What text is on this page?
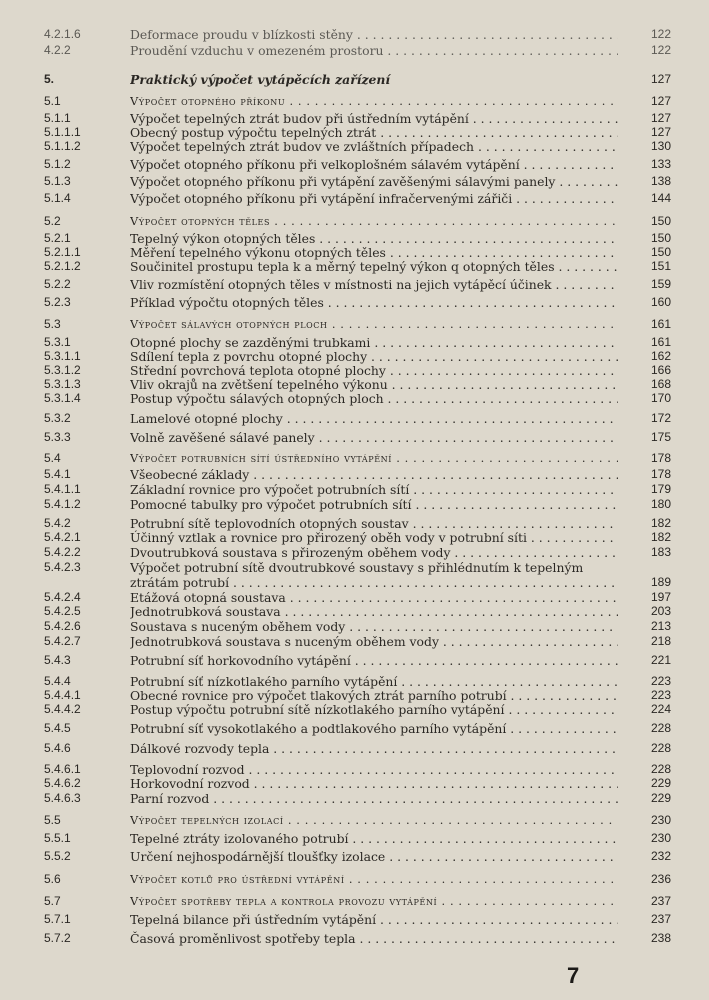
4.2.1.6	Deformace proudu v blízkosti stěny . . .	122
4.2.2	Proudění vzduchu v omezeném prostoru . . .	122
5.	Praktický výpočet vytápěcích zařízení	127
5.1	Výpočet otopného příkonu . . .	127
5.1.1	Výpočet tepelných ztrát budov při ústředním vytápění . . .	127
5.1.1.1	Obecný postup výpočtu tepelných ztrát . . .	127
5.1.1.2	Výpočet tepelných ztrát budov ve zvláštních případech . . .	130
5.1.2	Výpočet otopného příkonu při velkoplošném sálavém vytápění . . .	133
5.1.3	Výpočet otopného příkonu při vytápění zavěšenými sálavými panely . . .	138
5.1.4	Výpočet otopného příkonu při vytápění infračervenými zářiči . . .	144
5.2	Výpočet otopných těles . . .	150
5.2.1	Tepelný výkon otopných těles . . .	150
5.2.1.1	Měření tepelného výkonu otopných těles . . .	150
5.2.1.2	Součinitel prostupu tepla k a měrný tepelný výkon q otopných těles . . .	151
5.2.2	Vliv rozmístění otopných těles v místnosti na jejich vytápěcí účinek . . .	159
5.2.3	Příklad výpočtu otopných těles . . .	160
5.3	Výpočet sálavých otopných ploch . . .	161
5.3.1	Otopné plochy se zazděnými trubkami . . .	161
5.3.1.1	Sdílení tepla z povrchu otopné plochy . . .	162
5.3.1.2	Střední povrchová teplota otopné plochy . . .	166
5.3.1.3	Vliv okrajů na zvětšení tepelného výkonu . . .	168
5.3.1.4	Postup výpočtu sálavých otopných ploch . . .	170
5.3.2	Lamelové otopné plochy . . .	172
5.3.3	Volně zavěšené sálavé panely . . .	175
5.4	Výpočet potrubních sítí ústředního vytápění . . .	178
5.4.1	Všeobecné základy . . .	178
5.4.1.1	Základní rovnice pro výpočet potrubních sítí . . .	179
5.4.1.2	Pomocné tabulky pro výpočet potrubních sítí . . .	180
5.4.2	Potrubní sítě teplovodních otopných soustav . . .	182
5.4.2.1	Účinný vztlak a rovnice pro přirozený oběh vody v potrubní síti . . .	182
5.4.2.2	Dvoutrubková soustava s přirozeným oběhem vody . . .	183
5.4.2.3	Výpočet potrubní sítě dvoutrubkové soustavy s přihlédnutím k tepelným
ztrátám potrubí . . .	189
5.4.2.4	Etážová otopná soustava . . .	197
5.4.2.5	Jednotrubková soustava . . .	203
5.4.2.6	Soustava s nuceným oběhem vody . . .	213
5.4.2.7	Jednotrubková soustava s nuceným oběhem vody . . .	218
5.4.3	Potrubní síť horkovodního vytápění . . .	221
5.4.4	Potrubní síť nízkotlakého parního vytápění . . .	223
5.4.4.1	Obecné rovnice pro výpočet tlakových ztrát parního potrubí . . .	223
5.4.4.2	Postup výpočtu potrubní sítě nízkotlakého parního vytápění . . .	224
5.4.5	Potrubní síť vysokotlakého a podtlakového parního vytápění . . .	228
5.4.6	Dálkové rozvody tepla . . .	228
5.4.6.1	Teplovodní rozvod . . .	228
5.4.6.2	Horkovodní rozvod . . .	229
5.4.6.3	Parní rozvod . . .	229
5.5	Výpočet tepelných izolací . . .	230
5.5.1	Tepelné ztráty izolovaného potrubí . . .	230
5.5.2	Určení nejhospodárnější tloušťky izolace . . .	232
5.6	Výpočet kotlů pro ústřední vytápění . . .	236
5.7	Výpočet spotřeby tepla a kontrola provozu vytápění . . .	237
5.7.1	Tepelná bilance při ústředním vytápění . . .	237
5.7.2	Časová proměnlivost spotřeby tepla . . .	238
7
